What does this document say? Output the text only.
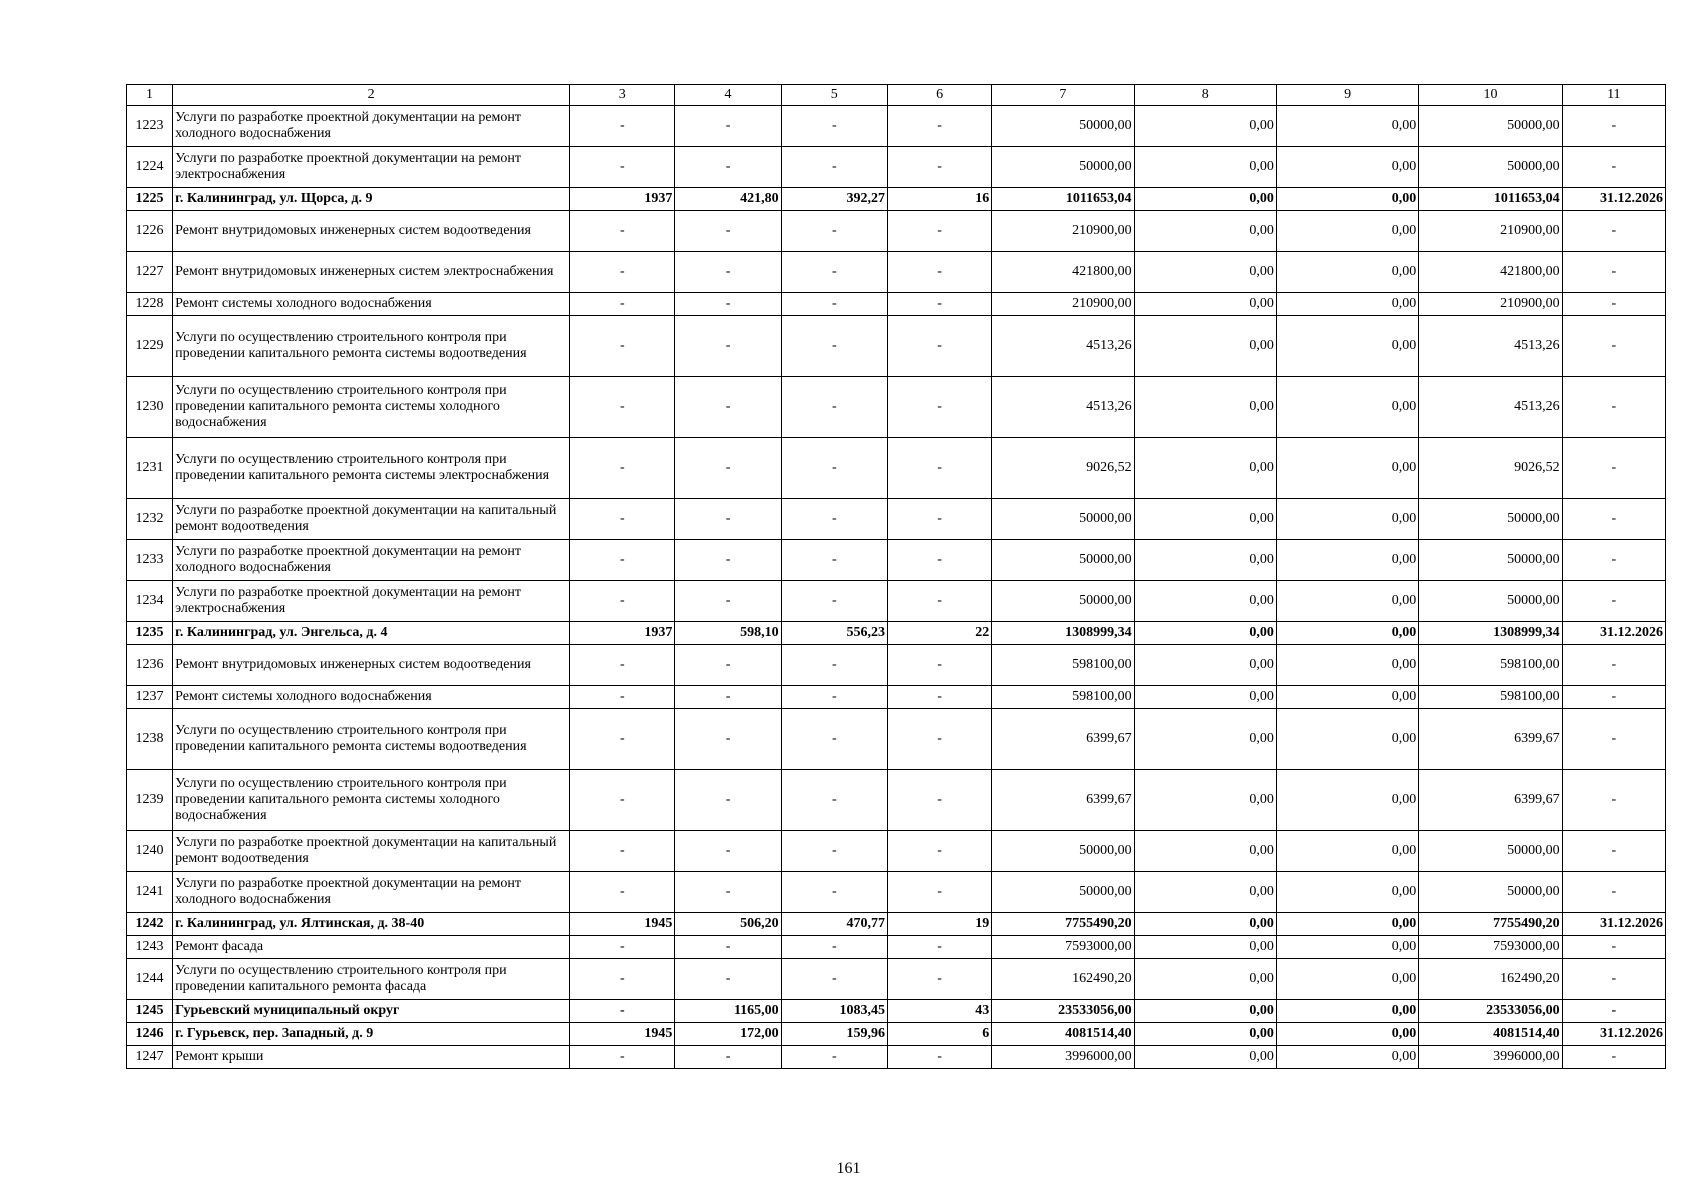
1	2	3	4	5	6	7	8	9	10	11
1223	Услуги по разработке проектной документации на ремонт холодного водоснабжения	-	-	-	-	50000,00	0,00	0,00	50000,00	-
1224	Услуги по разработке проектной документации на ремонт электроснабжения	-	-	-	-	50000,00	0,00	0,00	50000,00	-
1225	г. Калининград, ул. Щорса, д. 9	1937	421,80	392,27	16	1011653,04	0,00	0,00	1011653,04	31.12.2026
1226	Ремонт внутридомовых инженерных систем водоотведения	-	-	-	-	210900,00	0,00	0,00	210900,00	-
1227	Ремонт внутридомовых инженерных систем электроснабжения	-	-	-	-	421800,00	0,00	0,00	421800,00	-
1228	Ремонт системы холодного водоснабжения	-	-	-	-	210900,00	0,00	0,00	210900,00	-
1229	Услуги по осуществлению строительного контроля при проведении капитального ремонта системы водоотведения	-	-	-	-	4513,26	0,00	0,00	4513,26	-
1230	Услуги по осуществлению строительного контроля при проведении капитального ремонта системы холодного водоснабжения	-	-	-	-	4513,26	0,00	0,00	4513,26	-
1231	Услуги по осуществлению строительного контроля при проведении капитального ремонта системы электроснабжения	-	-	-	-	9026,52	0,00	0,00	9026,52	-
1232	Услуги по разработке проектной документации на капитальный ремонт водоотведения	-	-	-	-	50000,00	0,00	0,00	50000,00	-
1233	Услуги по разработке проектной документации на ремонт холодного водоснабжения	-	-	-	-	50000,00	0,00	0,00	50000,00	-
1234	Услуги по разработке проектной документации на ремонт электроснабжения	-	-	-	-	50000,00	0,00	0,00	50000,00	-
1235	г. Калининград, ул. Энгельса, д. 4	1937	598,10	556,23	22	1308999,34	0,00	0,00	1308999,34	31.12.2026
1236	Ремонт внутридомовых инженерных систем водоотведения	-	-	-	-	598100,00	0,00	0,00	598100,00	-
1237	Ремонт системы холодного водоснабжения	-	-	-	-	598100,00	0,00	0,00	598100,00	-
1238	Услуги по осуществлению строительного контроля при проведении капитального ремонта системы водоотведения	-	-	-	-	6399,67	0,00	0,00	6399,67	-
1239	Услуги по осуществлению строительного контроля при проведении капитального ремонта системы холодного водоснабжения	-	-	-	-	6399,67	0,00	0,00	6399,67	-
1240	Услуги по разработке проектной документации на капитальный ремонт водоотведения	-	-	-	-	50000,00	0,00	0,00	50000,00	-
1241	Услуги по разработке проектной документации на ремонт холодного водоснабжения	-	-	-	-	50000,00	0,00	0,00	50000,00	-
1242	г. Калининград, ул. Ялтинская, д. 38-40	1945	506,20	470,77	19	7755490,20	0,00	0,00	7755490,20	31.12.2026
1243	Ремонт фасада	-	-	-	-	7593000,00	0,00	0,00	7593000,00	-
1244	Услуги по осуществлению строительного контроля при проведении капитального ремонта фасада	-	-	-	-	162490,20	0,00	0,00	162490,20	-
1245	Гурьевский муниципальный округ	-	1165,00	1083,45	43	23533056,00	0,00	0,00	23533056,00	-
1246	г. Гурьевск, пер. Западный, д. 9	1945	172,00	159,96	6	4081514,40	0,00	0,00	4081514,40	31.12.2026
1247	Ремонт крыши	-	-	-	-	3996000,00	0,00	0,00	3996000,00	-
161
